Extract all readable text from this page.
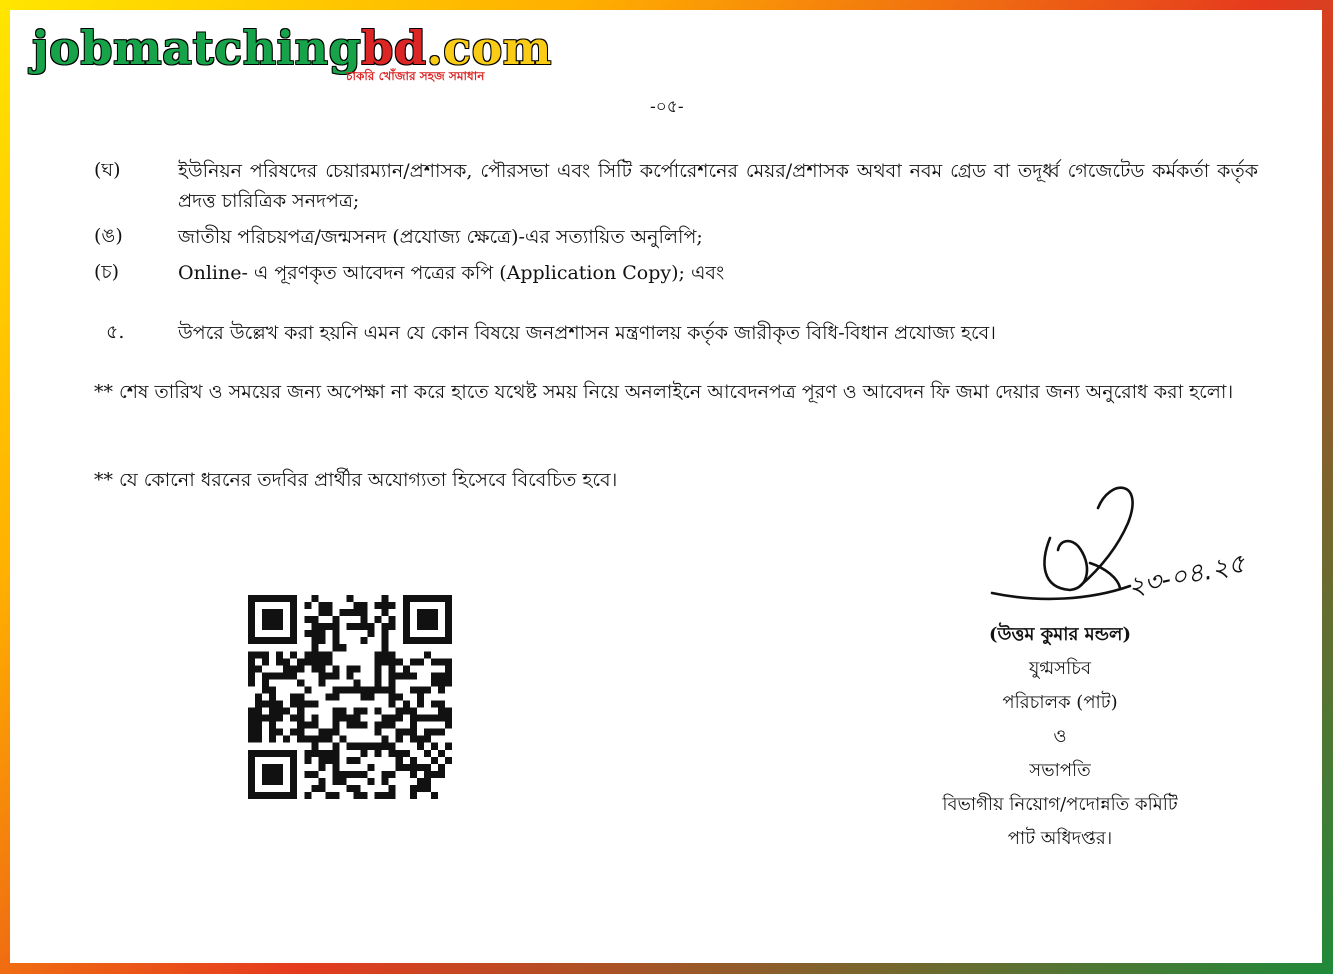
jobmatchingbd.com
চাকরি খোঁজার সহজ সমাধান
-০৫-
(ঘ)	ইউনিয়ন পরিষদের চেয়ারম্যান/প্রশাসক, পৌরসভা এবং সিটি কর্পোরেশনের মেয়র/প্রশাসক অথবা নবম গ্রেড বা তদূর্ধ্ব গেজেটেড কর্মকর্তা কর্তৃক প্রদত্ত চারিত্রিক সনদপত্র;
(ঙ)	জাতীয় পরিচয়পত্র/জন্মসনদ (প্রযোজ্য ক্ষেত্রে)-এর সত্যায়িত অনুলিপি;
(চ)	Online- এ পূরণকৃত আবেদন পত্রের কপি (Application Copy); এবং
৫.	উপরে উল্লেখ করা হয়নি এমন যে কোন বিষয়ে জনপ্রশাসন মন্ত্রণালয় কর্তৃক জারীকৃত বিধি-বিধান প্রযোজ্য হবে।
** শেষ তারিখ ও সময়ের জন্য অপেক্ষা না করে হাতে যথেষ্ট সময় নিয়ে অনলাইনে আবেদনপত্র পূরণ ও আবেদন ফি জমা দেয়ার জন্য অনুরোধ করা হলো।
** যে কোনো ধরনের তদবির প্রার্থীর অযোগ্যতা হিসেবে বিবেচিত হবে।
২৩-০৪.২৫
(উত্তম কুমার মন্ডল)
যুগ্মসচিব
পরিচালক (পাট)
ও
সভাপতি
বিভাগীয় নিয়োগ/পদোন্নতি কমিটি
পাট অধিদপ্তর।
